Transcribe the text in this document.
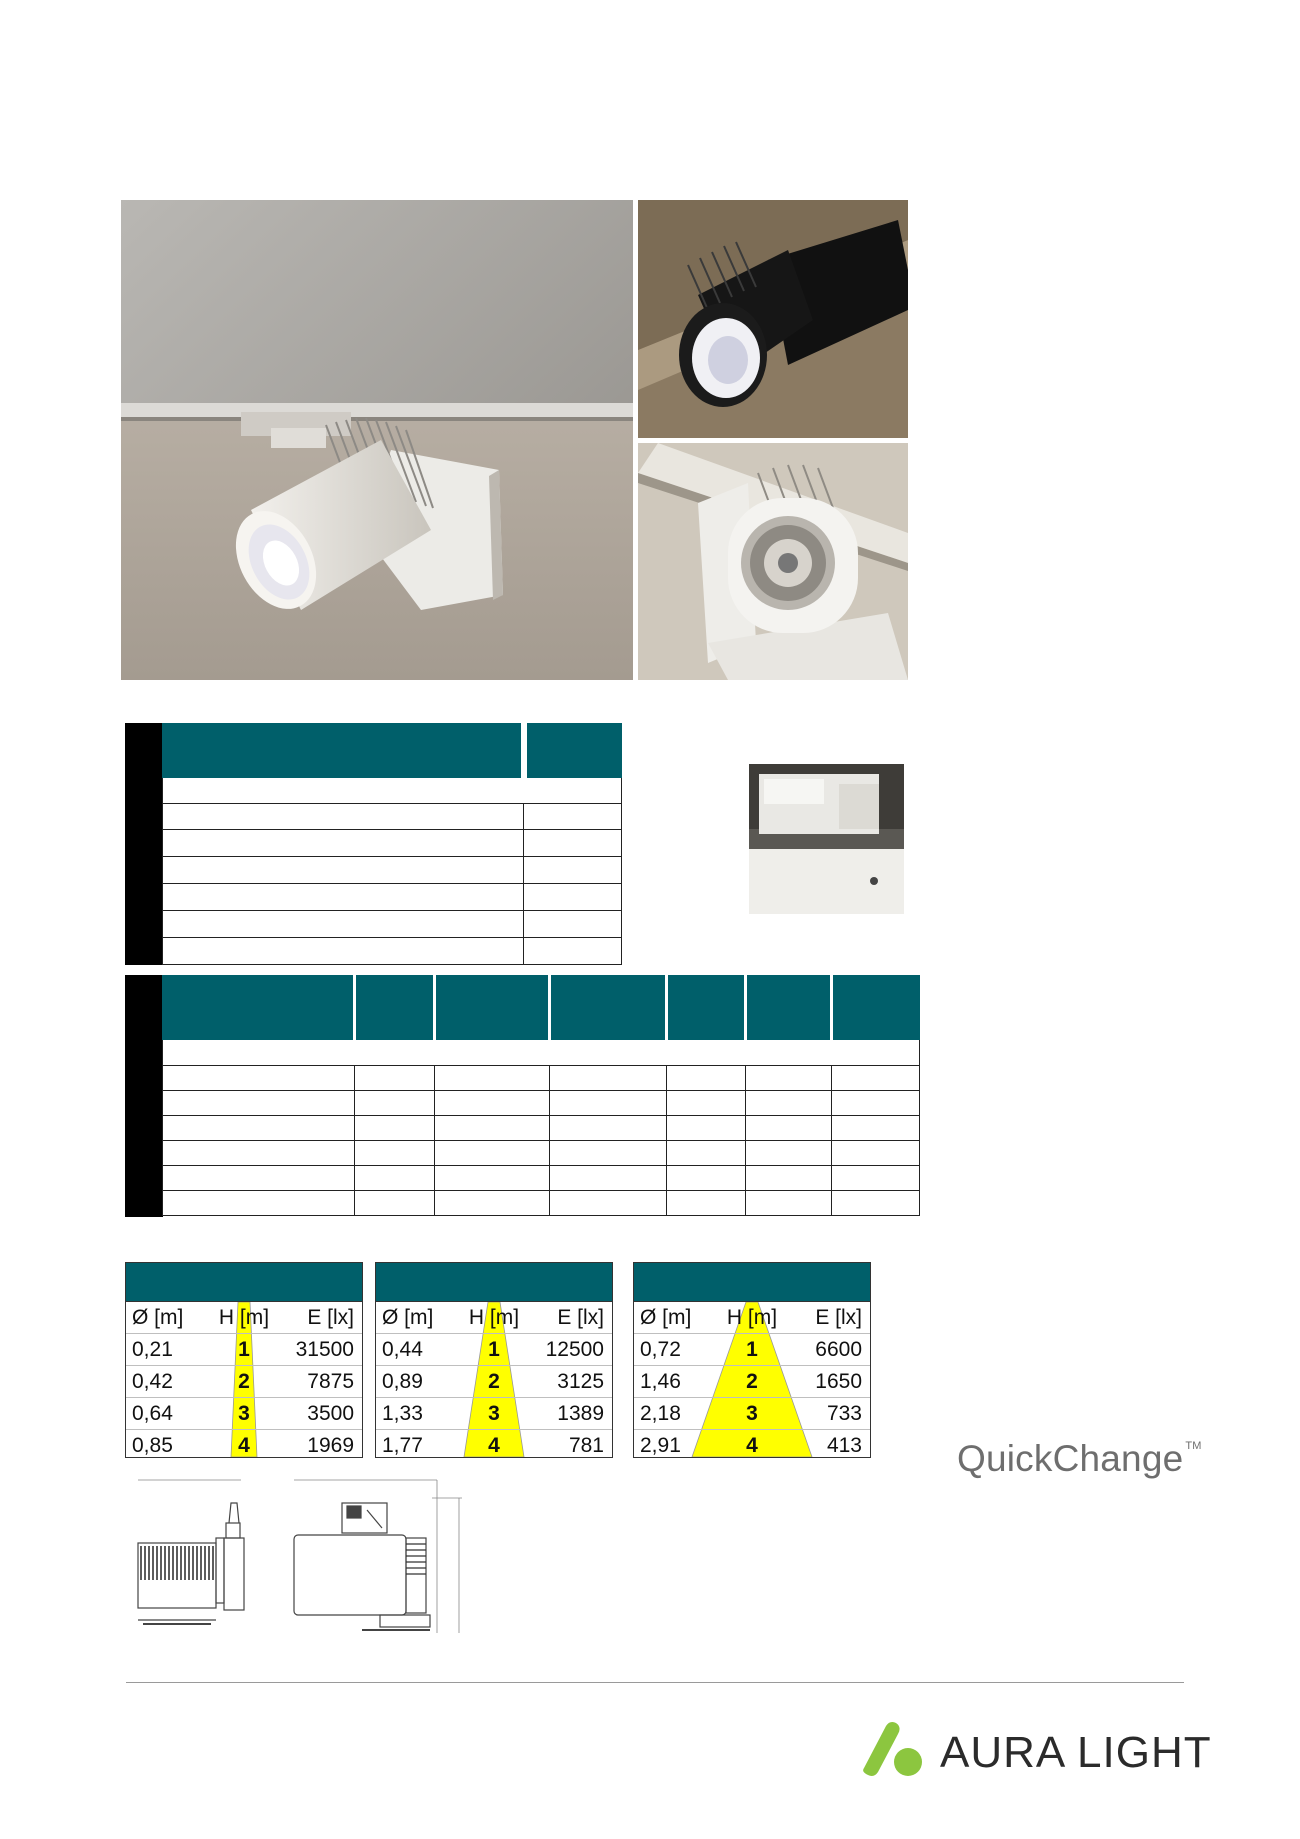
Ø [m] H [m] E [lx]
0,21	1	31500
0,42	2	7875
0,64	3	3500
0,85	4	1969
Ø [m] H [m] E [lx]
0,44	1	12500
0,89	2	3125
1,33	3	1389
1,77	4	781
Ø [m] H [m] E [lx]
0,72	1	6600
1,46	2	1650
2,18	3	733
2,91	4	413	QuickChange ™
AURA LIGHT
